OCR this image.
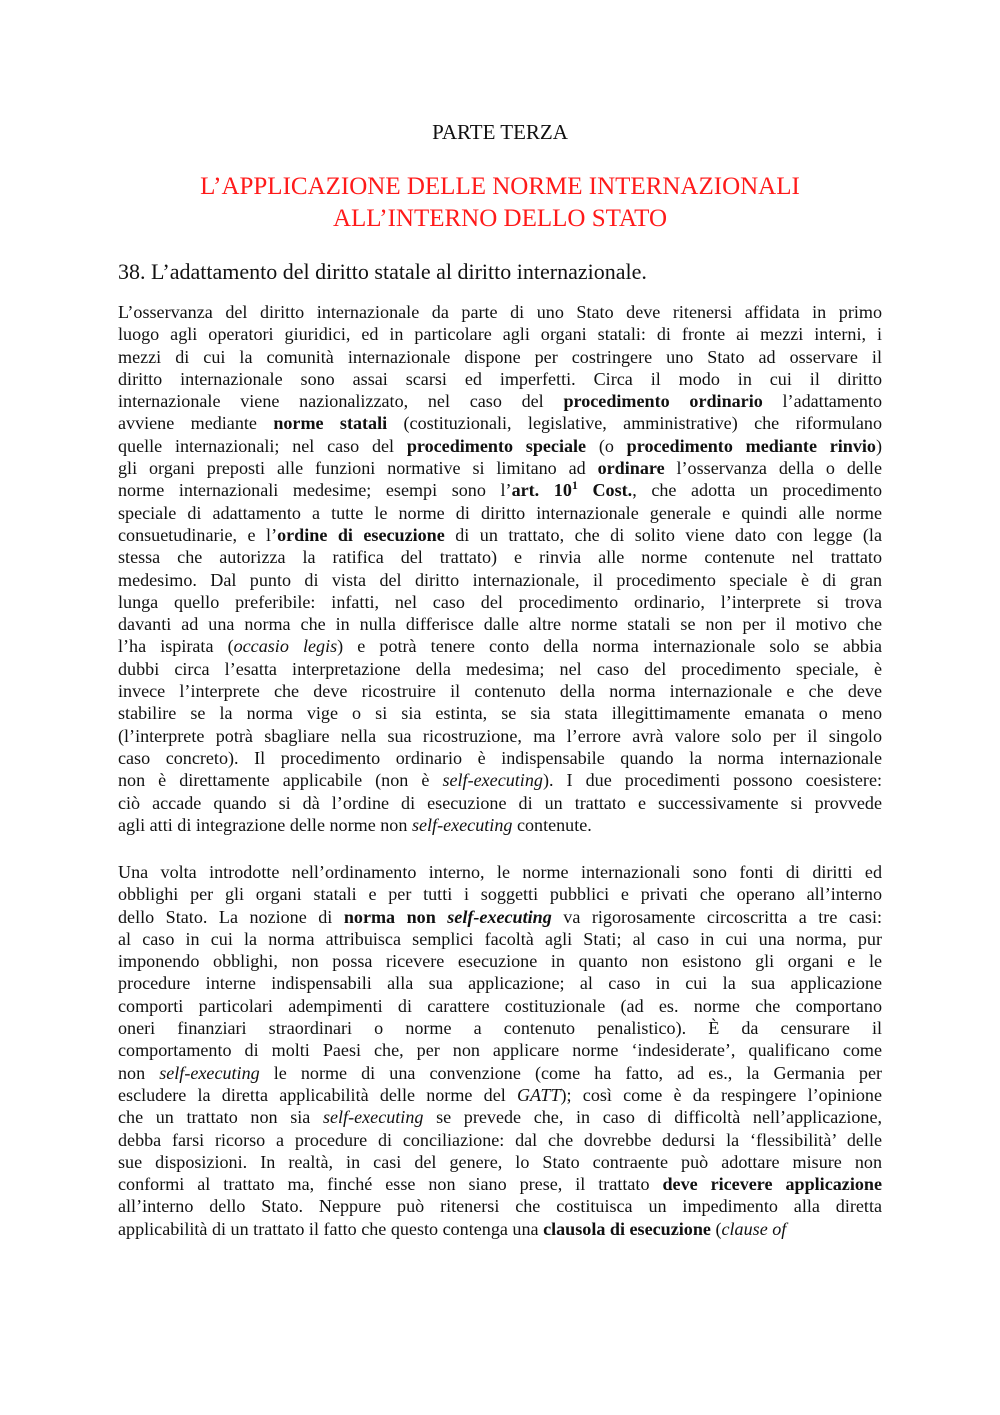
PARTE TERZA
L’APPLICAZIONE DELLE NORME INTERNAZIONALI
ALL’INTERNO DELLO STATO
38. L’adattamento del diritto statale al diritto internazionale.
L’osservanza del diritto internazionale da parte di uno Stato deve ritenersi affidata in primo
luogo agli operatori giuridici, ed in particolare agli organi statali: di fronte ai mezzi interni, i
mezzi di cui la comunità internazionale dispone per costringere uno Stato ad osservare il
diritto internazionale sono assai scarsi ed imperfetti. Circa il modo in cui il diritto
internazionale viene nazionalizzato, nel caso del procedimento ordinario l’adattamento
avviene mediante norme statali (costituzionali, legislative, amministrative) che riformulano
quelle internazionali; nel caso del procedimento speciale (o procedimento mediante rinvio)
gli organi preposti alle funzioni normative si limitano ad ordinare l’osservanza della o delle
norme internazionali medesime; esempi sono l’art. $10^1$ Cost., che adotta un procedimento
speciale di adattamento a tutte le norme di diritto internazionale generale e quindi alle norme
consuetudinarie, e l’ordine di esecuzione di un trattato, che di solito viene dato con legge (la
stessa che autorizza la ratifica del trattato) e rinvia alle norme contenute nel trattato
medesimo. Dal punto di vista del diritto internazionale, il procedimento speciale è di gran
lunga quello preferibile: infatti, nel caso del procedimento ordinario, l’interprete si trova
davanti ad una norma che in nulla differisce dalle altre norme statali se non per il motivo che
l’ha ispirata (occasio legis) e potrà tenere conto della norma internazionale solo se abbia
dubbi circa l’esatta interpretazione della medesima; nel caso del procedimento speciale, è
invece l’interprete che deve ricostruire il contenuto della norma internazionale e che deve
stabilire se la norma vige o si sia estinta, se sia stata illegittimamente emanata o meno
(l’interprete potrà sbagliare nella sua ricostruzione, ma l’errore avrà valore solo per il singolo
caso concreto). Il procedimento ordinario è indispensabile quando la norma internazionale
non è direttamente applicabile (non è self-executing). I due procedimenti possono coesistere:
ciò accade quando si dà l’ordine di esecuzione di un trattato e successivamente si provvede
agli atti di integrazione delle norme non self-executing contenute.
Una volta introdotte nell’ordinamento interno, le norme internazionali sono fonti di diritti ed
obblighi per gli organi statali e per tutti i soggetti pubblici e privati che operano all’interno
dello Stato. La nozione di norma non self-executing va rigorosamente circoscritta a tre casi:
al caso in cui la norma attribuisca semplici facoltà agli Stati; al caso in cui una norma, pur
imponendo obblighi, non possa ricevere esecuzione in quanto non esistono gli organi e le
procedure interne indispensabili alla sua applicazione; al caso in cui la sua applicazione
comporti particolari adempimenti di carattere costituzionale (ad es. norme che comportano
oneri finanziari straordinari o norme a contenuto penalistico). È da censurare il
comportamento di molti Paesi che, per non applicare norme ‘indesiderate’, qualificano come
non self-executing le norme di una convenzione (come ha fatto, ad es., la Germania per
escludere la diretta applicabilità delle norme del GATT); così come è da respingere l’opinione
che un trattato non sia self-executing se prevede che, in caso di difficoltà nell’applicazione,
debba farsi ricorso a procedure di conciliazione: dal che dovrebbe dedursi la ‘flessibilità’ delle
sue disposizioni. In realtà, in casi del genere, lo Stato contraente può adottare misure non
conformi al trattato ma, finché esse non siano prese, il trattato deve ricevere applicazione
all’interno dello Stato. Neppure può ritenersi che costituisca un impedimento alla diretta
applicabilità di un trattato il fatto che questo contenga una clausola di esecuzione (clause of
